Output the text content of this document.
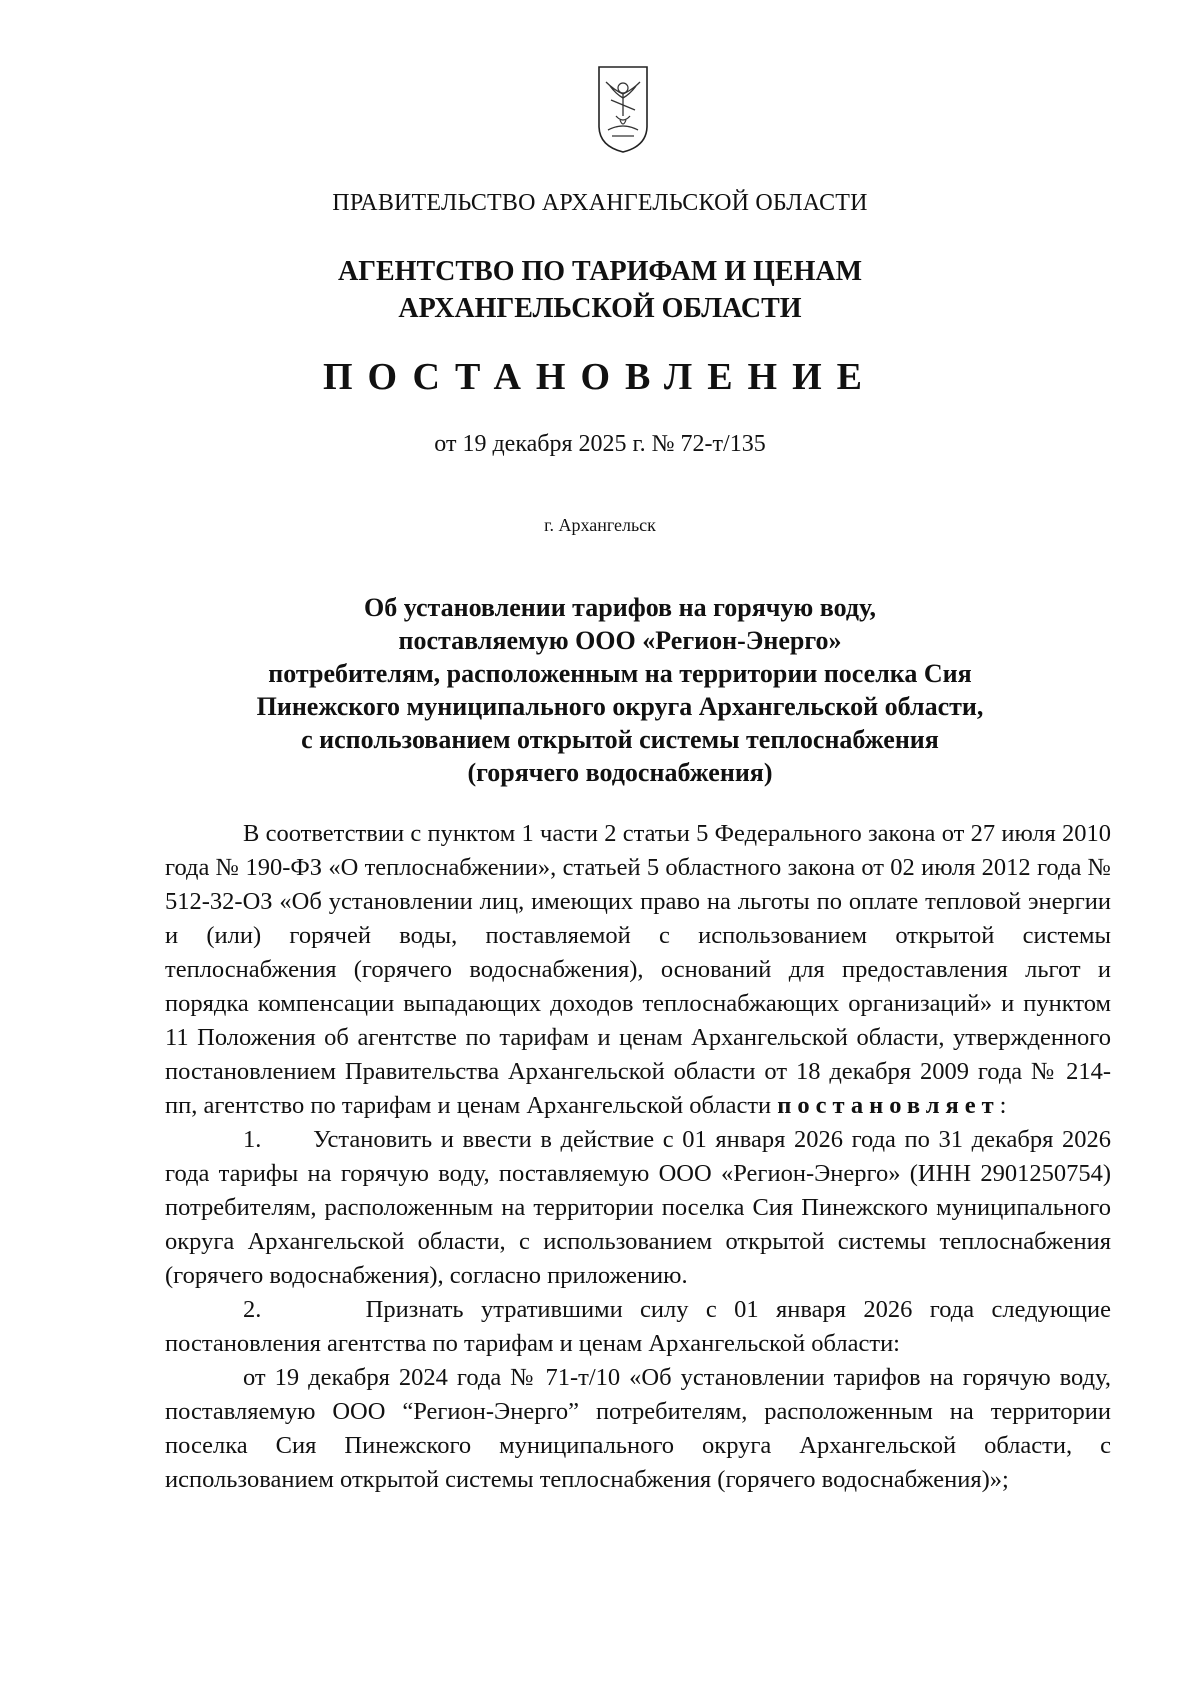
ПРАВИТЕЛЬСТВО АРХАНГЕЛЬСКОЙ ОБЛАСТИ
АГЕНТСТВО ПО ТАРИФАМ И ЦЕНАМ
АРХАНГЕЛЬСКОЙ ОБЛАСТИ
ПОСТАНОВЛЕНИЕ
от 19 декабря 2025 г. № 72-т/135
г. Архангельск
Об установлении тарифов на горячую воду,
поставляемую ООО «Регион-Энерго»
потребителям, расположенным на территории поселка Сия
Пинежского муниципального округа Архангельской области,
с использованием открытой системы теплоснабжения
(горячего водоснабжения)

В соответствии с пунктом 1 части 2 статьи 5 Федерального закона от 27 июля 2010 года № 190-ФЗ «О теплоснабжении», статьей 5 областного закона от 02 июля 2012 года № 512-32-ОЗ «Об установлении лиц, имеющих право на льготы по оплате тепловой энергии и (или) горячей воды, поставляемой с использованием открытой системы теплоснабжения (горячего водоснабжения), оснований для предоставления льгот и порядка компенсации выпадающих доходов теплоснабжающих организаций» и пунктом 11 Положения об агентстве по тарифам и ценам Архангельской области, утвержденного постановлением Правительства Архангельской области от 18 декабря 2009 года № 214-пп, агентство по тарифам и ценам Архангельской области постановляет:

1. Установить и ввести в действие с 01 января 2026 года по 31 декабря 2026 года тарифы на горячую воду, поставляемую ООО «Регион-Энерго» (ИНН 2901250754) потребителям, расположенным на территории поселка Сия Пинежского муниципального округа Архангельской области, с использованием открытой системы теплоснабжения (горячего водоснабжения), согласно приложению.

2.	Признать утратившими силу с 01 января 2026 года следующие постановления агентства по тарифам и ценам Архангельской области:

от 19 декабря 2024 года № 71-т/10 «Об установлении тарифов на горячую воду, поставляемую ООО “Регион-Энерго” потребителям, расположенным на территории поселка Сия Пинежского муниципального округа Архангельской области, с использованием открытой системы теплоснабжения (горячего водоснабжения)»;
